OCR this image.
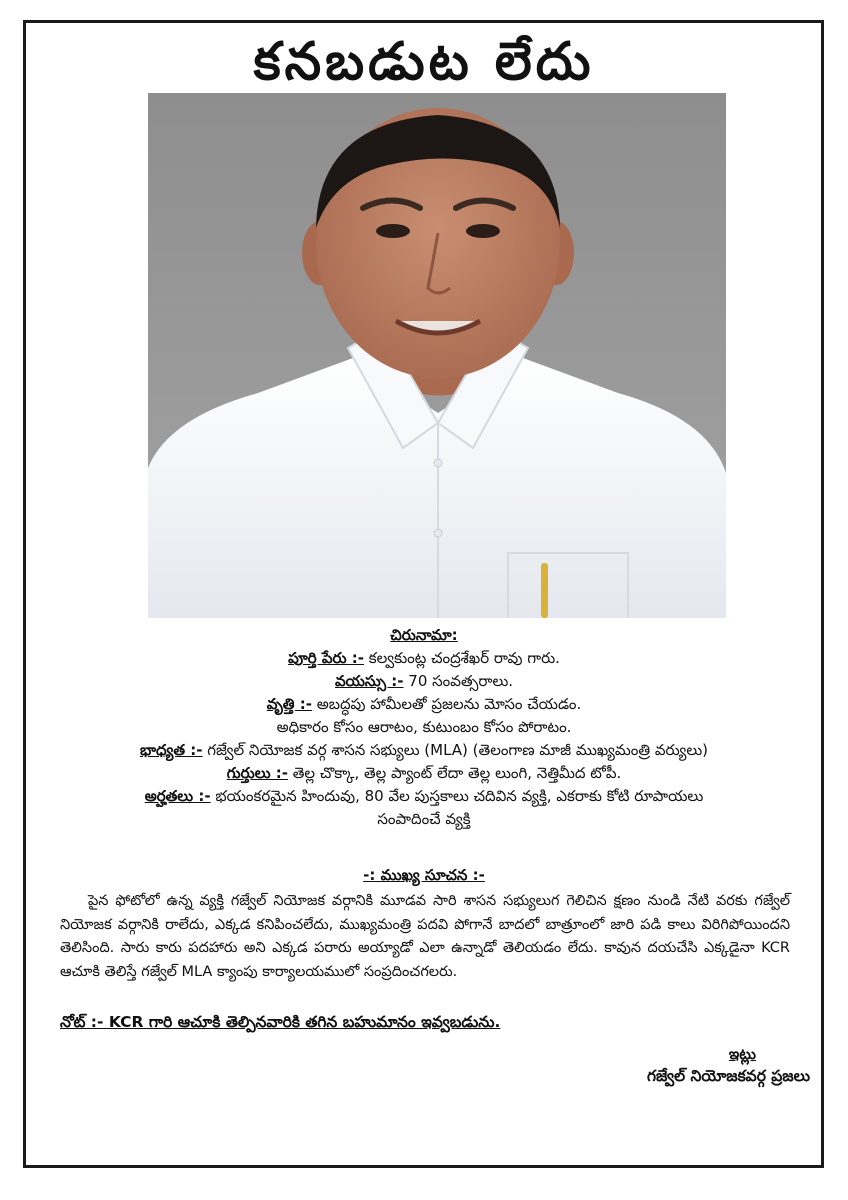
కనబడుట లేదు
చిరునామా:
పూర్తి పేరు :- కల్వకుంట్ల చంద్రశేఖర్ రావు గారు.
వయస్సు :- 70 సంవత్సరాలు.
వృత్తి :- అబద్ధపు హామీలతో ప్రజలను మోసం చేయడం.
అధికారం కోసం ఆరాటం, కుటుంబం కోసం పోరాటం.
భాధ్యత :- గజ్వేల్ నియోజక వర్గ శాసన సభ్యులు (MLA) (తెలంగాణ మాజీ ముఖ్యమంత్రి వర్యులు)
గుర్తులు :- తెల్ల చొక్కా, తెల్ల ప్యాంట్ లేదా తెల్ల లుంగి, నెత్తిమీద టోపీ.
అర్హతలు :- భయంకరమైన హిందువు, 80 వేల పుస్తకాలు చదివిన వ్యక్తి, ఎకరాకు కోటి రూపాయలు
సంపాదించే వ్యక్తి
-: ముఖ్య సూచన :-
పైన ఫోటోలో ఉన్న వ్యక్తి గజ్వేల్ నియోజక వర్గానికి మూడవ సారి శాసన సభ్యులుగ గెలిచిన క్షణం నుండి నేటి వరకు గజ్వేల్ నియోజక వర్గానికి రాలేదు, ఎక్కడ కనిపించలేదు, ముఖ్యమంత్రి పదవి పోగానే బాదలో బాత్రూంలో జారి పడి కాలు విరిగిపోయిందని తెలిసింది. సారు కారు పదహారు అని ఎక్కడ పరారు అయ్యాడో ఎలా ఉన్నాడో తెలియడం లేదు. కావున దయచేసి ఎక్కడైనా KCR ఆచూకి తెలిస్తే గజ్వేల్ MLA క్యాంపు కార్యాలయములో సంప్రదించగలరు.
నోట్ :- KCR గారి ఆచూకి తెల్పినవారికి తగిన బహుమానం ఇవ్వబడును.
ఇట్లు
గజ్వేల్ నియోజకవర్గ ప్రజలు
